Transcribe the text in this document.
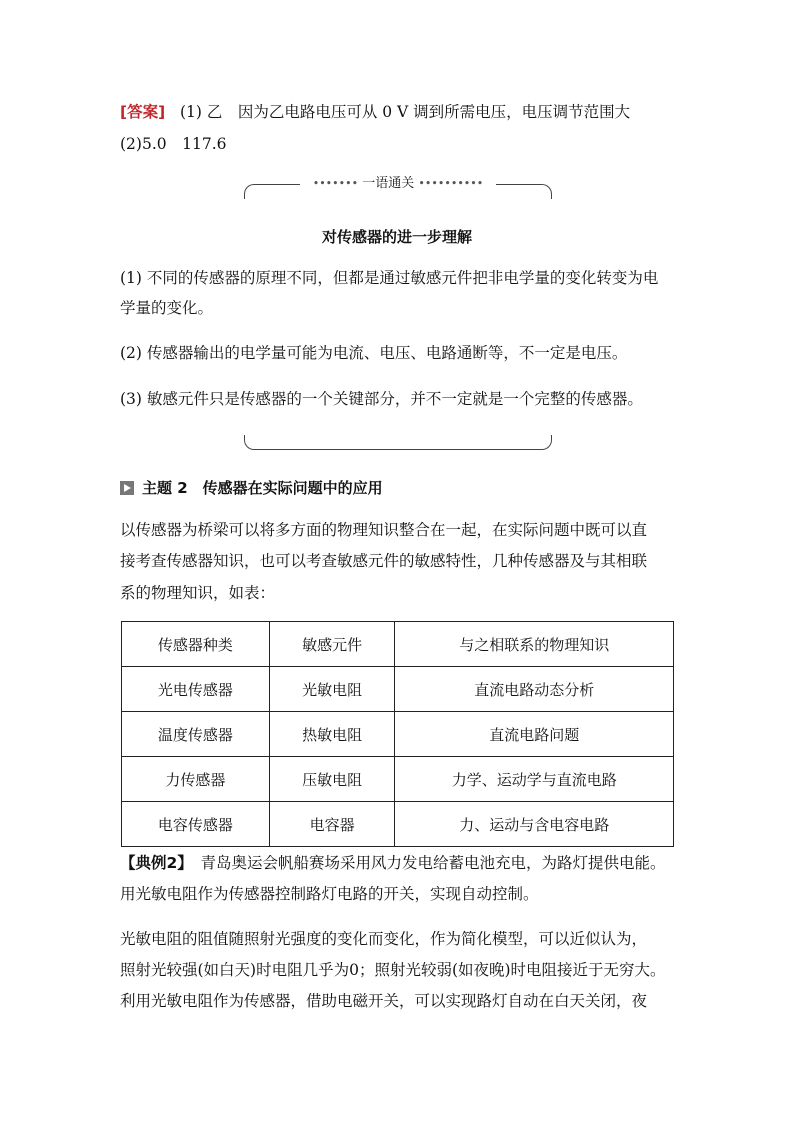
[答案] (1) 乙　因为乙电路电压可从 0 V 调到所需电压，电压调节范围大
(2)5.0　117.6
••••••• 一语通关 ••••••••••
对传感器的进一步理解
(1) 不同的传感器的原理不同，但都是通过敏感元件把非电学量的变化转变为电
学量的变化。
(2) 传感器输出的电学量可能为电流、电压、电路通断等，不一定是电压。
(3) 敏感元件只是传感器的一个关键部分，并不一定就是一个完整的传感器。
主题 2　传感器在实际问题中的应用
以传感器为桥梁可以将多方面的物理知识整合在一起，在实际问题中既可以直
接考查传感器知识，也可以考查敏感元件的敏感特性，几种传感器及与其相联
系的物理知识，如表：
传感器种类	敏感元件	与之相联系的物理知识
光电传感器	光敏电阻	直流电路动态分析
温度传感器	热敏电阻	直流电路问题
力传感器	压敏电阻	力学、运动学与直流电路
电容传感器	电容器	力、运动与含电容电路
【典例2】　青岛奥运会帆船赛场采用风力发电给蓄电池充电，为路灯提供电能。
用光敏电阻作为传感器控制路灯电路的开关，实现自动控制。
光敏电阻的阻值随照射光强度的变化而变化，作为简化模型，可以近似认为，
照射光较强(如白天)时电阻几乎为0；照射光较弱(如夜晚)时电阻接近于无穷大。
利用光敏电阻作为传感器，借助电磁开关，可以实现路灯自动在白天关闭，夜
